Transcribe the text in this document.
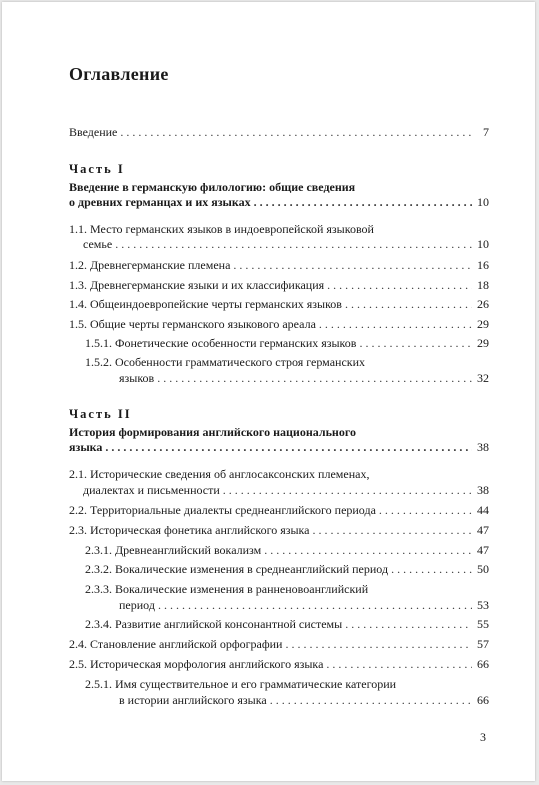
Оглавление
Введение . . .	7
Часть I
Введение в германскую филологию: общие сведения
о древних германцах и их языках . . .	10
1.1. Место германских языков в индоевропейской языковой
семье . . .	10
1.2. Древнегерманские племена . . .	16
1.3. Древнегерманские языки и их классификация . . .	18
1.4. Общеиндоевропейские черты германских языков . . .	26
1.5. Общие черты германского языкового ареала . . .	29
1.5.1. Фонетические особенности германских языков . . .	29
1.5.2. Особенности грамматического строя германских
языков . . .	32
Часть II
История формирования английского национального
языка . . .	38
2.1. Исторические сведения об англосаксонских племенах,
диалектах и письменности . . .	38
2.2. Территориальные диалекты среднеанглийского периода . . .	44
2.3. Историческая фонетика английского языка . . .	47
2.3.1. Древнеанглийский вокализм . . .	47
2.3.2. Вокалические изменения в среднеанглийский период . . .	50
2.3.3. Вокалические изменения в ранненовоанглийский
период . . .	53
2.3.4. Развитие английской консонантной системы . . .	55
2.4. Становление английской орфографии . . .	57
2.5. Историческая морфология английского языка . . .	66
2.5.1. Имя существительное и его грамматические категории
в истории английского языка . . .	66
3
